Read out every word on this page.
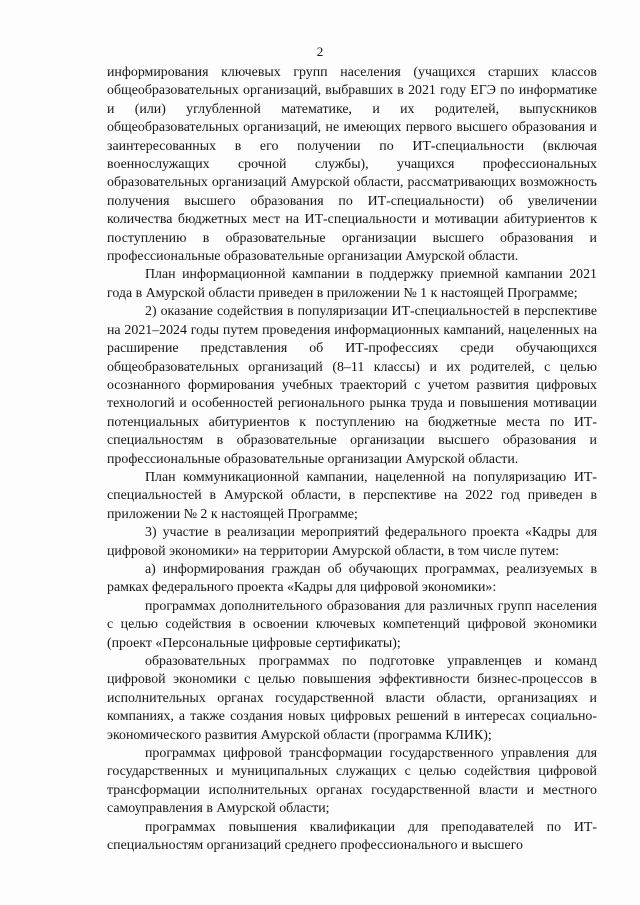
2

информирования ключевых групп населения (учащихся старших классов общеобразовательных организаций, выбравших в 2021 году ЕГЭ по информатике и (или) углубленной математике, и их родителей, выпускников общеобразовательных организаций, не имеющих первого высшего образования и заинтересованных в его получении по ИТ-специальности (включая военнослужащих срочной службы), учащихся профессиональных образовательных организаций Амурской области, рассматривающих возможность получения высшего образования по ИТ-специальности) об увеличении количества бюджетных мест на ИТ-специальности и мотивации абитуриентов к поступлению в образовательные организации высшего образования и профессиональные образовательные организации Амурской области.

План информационной кампании в поддержку приемной кампании 2021 года в Амурской области приведен в приложении № 1 к настоящей Программе;

2) оказание содействия в популяризации ИТ-специальностей в перспективе на 2021–2024 годы путем проведения информационных кампаний, нацеленных на расширение представления об ИТ-профессиях среди обучающихся общеобразовательных организаций (8–11 классы) и их родителей, с целью осознанного формирования учебных траекторий с учетом развития цифровых технологий и особенностей регионального рынка труда и повышения мотивации потенциальных абитуриентов к поступлению на бюджетные места по ИТ-специальностям в образовательные организации высшего образования и профессиональные образовательные организации Амурской области.

План коммуникационной кампании, нацеленной на популяризацию ИТ-специальностей в Амурской области, в перспективе на 2022 год приведен в приложении № 2 к настоящей Программе;

3) участие в реализации мероприятий федерального проекта «Кадры для цифровой экономики» на территории Амурской области, в том числе путем:

а) информирования граждан об обучающих программах, реализуемых в рамках федерального проекта «Кадры для цифровой экономики»:

программах дополнительного образования для различных групп населения с целью содействия в освоении ключевых компетенций цифровой экономики (проект «Персональные цифровые сертификаты);

образовательных программах по подготовке управленцев и команд цифровой экономики с целью повышения эффективности бизнес-процессов в исполнительных органах государственной власти области, организациях и компаниях, а также создания новых цифровых решений в интересах социально-экономического развития Амурской области (программа КЛИК);

программах цифровой трансформации государственного управления для государственных и муниципальных служащих с целью содействия цифровой трансформации исполнительных органах государственной власти и местного самоуправления в Амурской области;

программах повышения квалификации для преподавателей по ИТ-специальностям организаций среднего профессионального и высшего
